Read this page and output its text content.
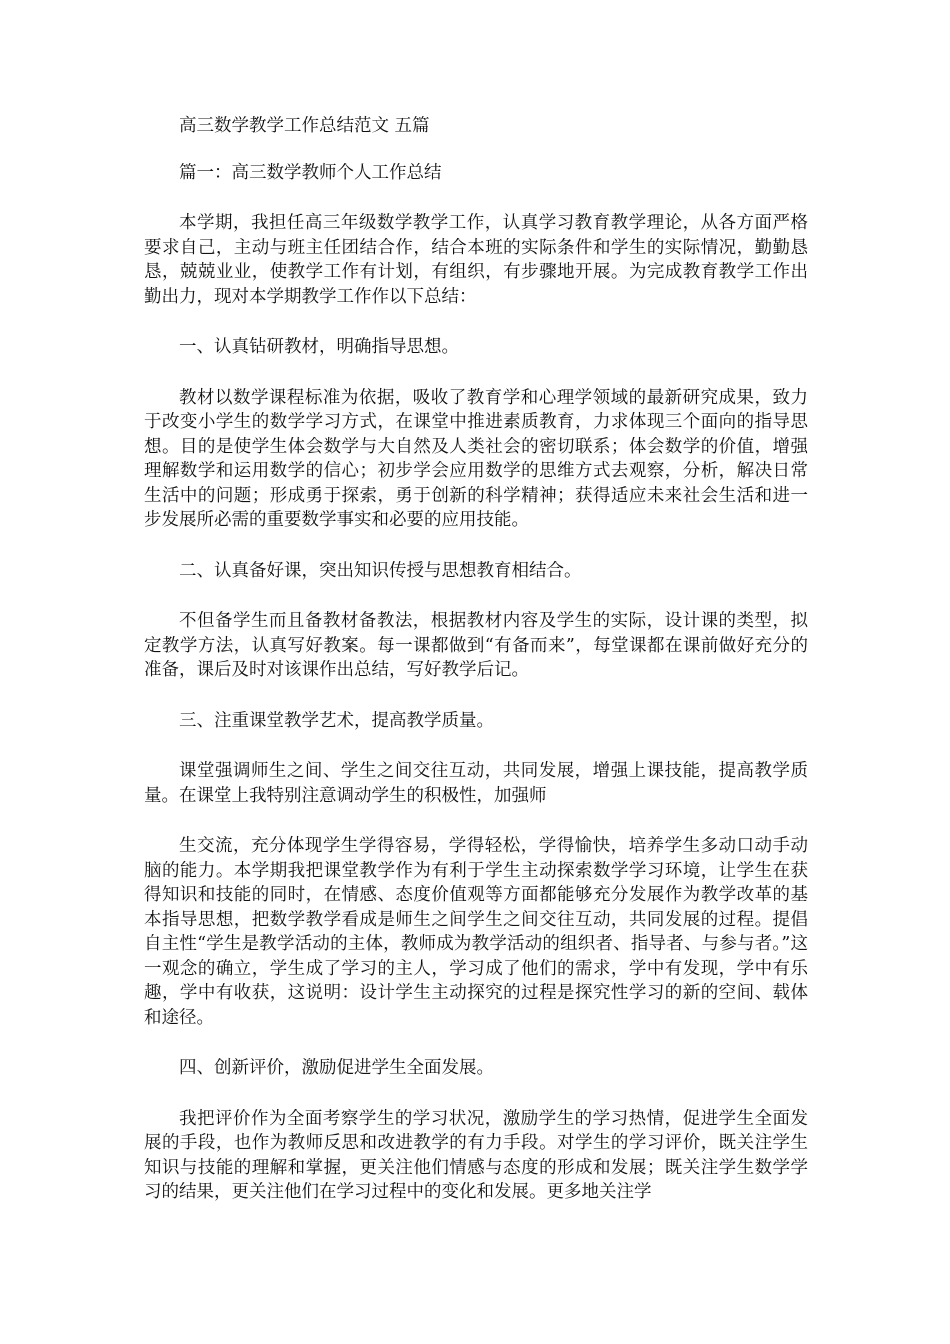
高三数学教学工作总结范文 五篇

篇一：高三数学教师个人工作总结

本学期，我担任高三年级数学教学工作，认真学习教育教学理论，从各方面严格要求自己，主动与班主任团结合作，结合本班的实际条件和学生的实际情况，勤勤恳恳，兢兢业业，使教学工作有计划，有组织，有步骤地开展。为完成教育教学工作出勤出力，现对本学期教学工作作以下总结：

一、认真钻研教材，明确指导思想。

教材以数学课程标准为依据，吸收了教育学和心理学领域的最新研究成果，致力于改变小学生的数学学习方式，在课堂中推进素质教育，力求体现三个面向的指导思想。目的是使学生体会数学与大自然及人类社会的密切联系；体会数学的价值，增强理解数学和运用数学的信心；初步学会应用数学的思维方式去观察，分析，解决日常生活中的问题；形成勇于探索，勇于创新的科学精神；获得适应未来社会生活和进一步发展所必需的重要数学事实和必要的应用技能。

二、认真备好课，突出知识传授与思想教育相结合。

不但备学生而且备教材备教法，根据教材内容及学生的实际，设计课的类型，拟定教学方法，认真写好教案。每一课都做到“有备而来”，每堂课都在课前做好充分的准备，课后及时对该课作出总结，写好教学后记。

三、注重课堂教学艺术，提高教学质量。

课堂强调师生之间、学生之间交往互动，共同发展，增强上课技能，提高教学质量。在课堂上我特别注意调动学生的积极性，加强师

生交流，充分体现学生学得容易，学得轻松，学得愉快，培养学生多动口动手动脑的能力。本学期我把课堂教学作为有利于学生主动探索数学学习环境，让学生在获得知识和技能的同时，在情感、态度价值观等方面都能够充分发展作为教学改革的基本指导思想，把数学教学看成是师生之间学生之间交往互动，共同发展的过程。提倡自主性“学生是教学活动的主体，教师成为教学活动的组织者、指导者、与参与者。”这一观念的确立，学生成了学习的主人，学习成了他们的需求，学中有发现，学中有乐趣，学中有收获，这说明：设计学生主动探究的过程是探究性学习的新的空间、载体和途径。

四、创新评价，激励促进学生全面发展。

我把评价作为全面考察学生的学习状况，激励学生的学习热情，促进学生全面发展的手段，也作为教师反思和改进教学的有力手段。对学生的学习评价，既关注学生知识与技能的理解和掌握，更关注他们情感与态度的形成和发展；既关注学生数学学习的结果，更关注他们在学习过程中的变化和发展。更多地关注学
